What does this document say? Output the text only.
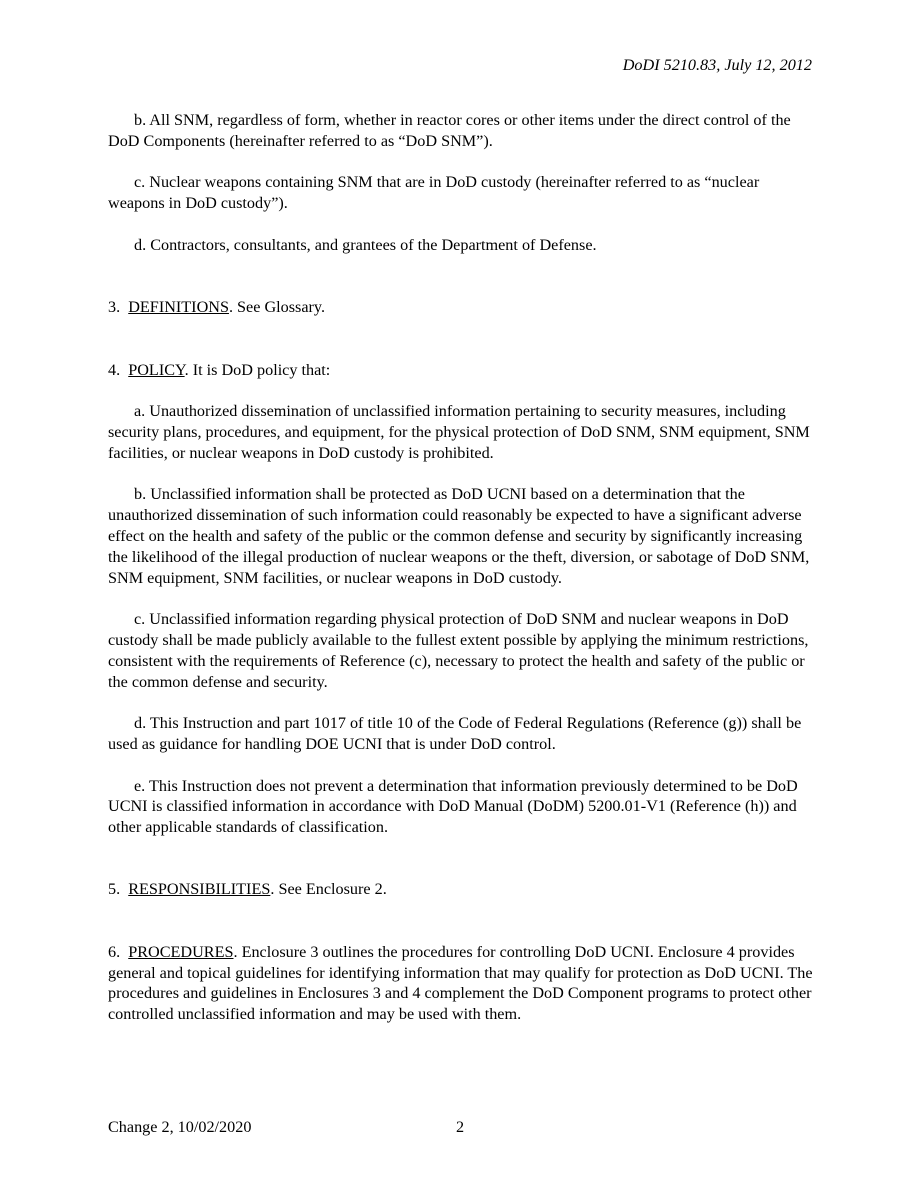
DoDI 5210.83, July 12, 2012

b. All SNM, regardless of form, whether in reactor cores or other items under the direct control of the DoD Components (hereinafter referred to as “DoD SNM”).

c. Nuclear weapons containing SNM that are in DoD custody (hereinafter referred to as “nuclear weapons in DoD custody”).

d. Contractors, consultants, and grantees of the Department of Defense.

3. DEFINITIONS. See Glossary.

4. POLICY. It is DoD policy that:

a. Unauthorized dissemination of unclassified information pertaining to security measures, including security plans, procedures, and equipment, for the physical protection of DoD SNM, SNM equipment, SNM facilities, or nuclear weapons in DoD custody is prohibited.

b. Unclassified information shall be protected as DoD UCNI based on a determination that the unauthorized dissemination of such information could reasonably be expected to have a significant adverse effect on the health and safety of the public or the common defense and security by significantly increasing the likelihood of the illegal production of nuclear weapons or the theft, diversion, or sabotage of DoD SNM, SNM equipment, SNM facilities, or nuclear weapons in DoD custody.

c. Unclassified information regarding physical protection of DoD SNM and nuclear weapons in DoD custody shall be made publicly available to the fullest extent possible by applying the minimum restrictions, consistent with the requirements of Reference (c), necessary to protect the health and safety of the public or the common defense and security.

d. This Instruction and part 1017 of title 10 of the Code of Federal Regulations (Reference (g)) shall be used as guidance for handling DOE UCNI that is under DoD control.

e. This Instruction does not prevent a determination that information previously determined to be DoD UCNI is classified information in accordance with DoD Manual (DoDM) 5200.01-V1 (Reference (h)) and other applicable standards of classification.

5. RESPONSIBILITIES. See Enclosure 2.

6. PROCEDURES. Enclosure 3 outlines the procedures for controlling DoD UCNI. Enclosure 4 provides general and topical guidelines for identifying information that may qualify for protection as DoD UCNI. The procedures and guidelines in Enclosures 3 and 4 complement the DoD Component programs to protect other controlled unclassified information and may be used with them.

Change 2, 10/02/2020	2
